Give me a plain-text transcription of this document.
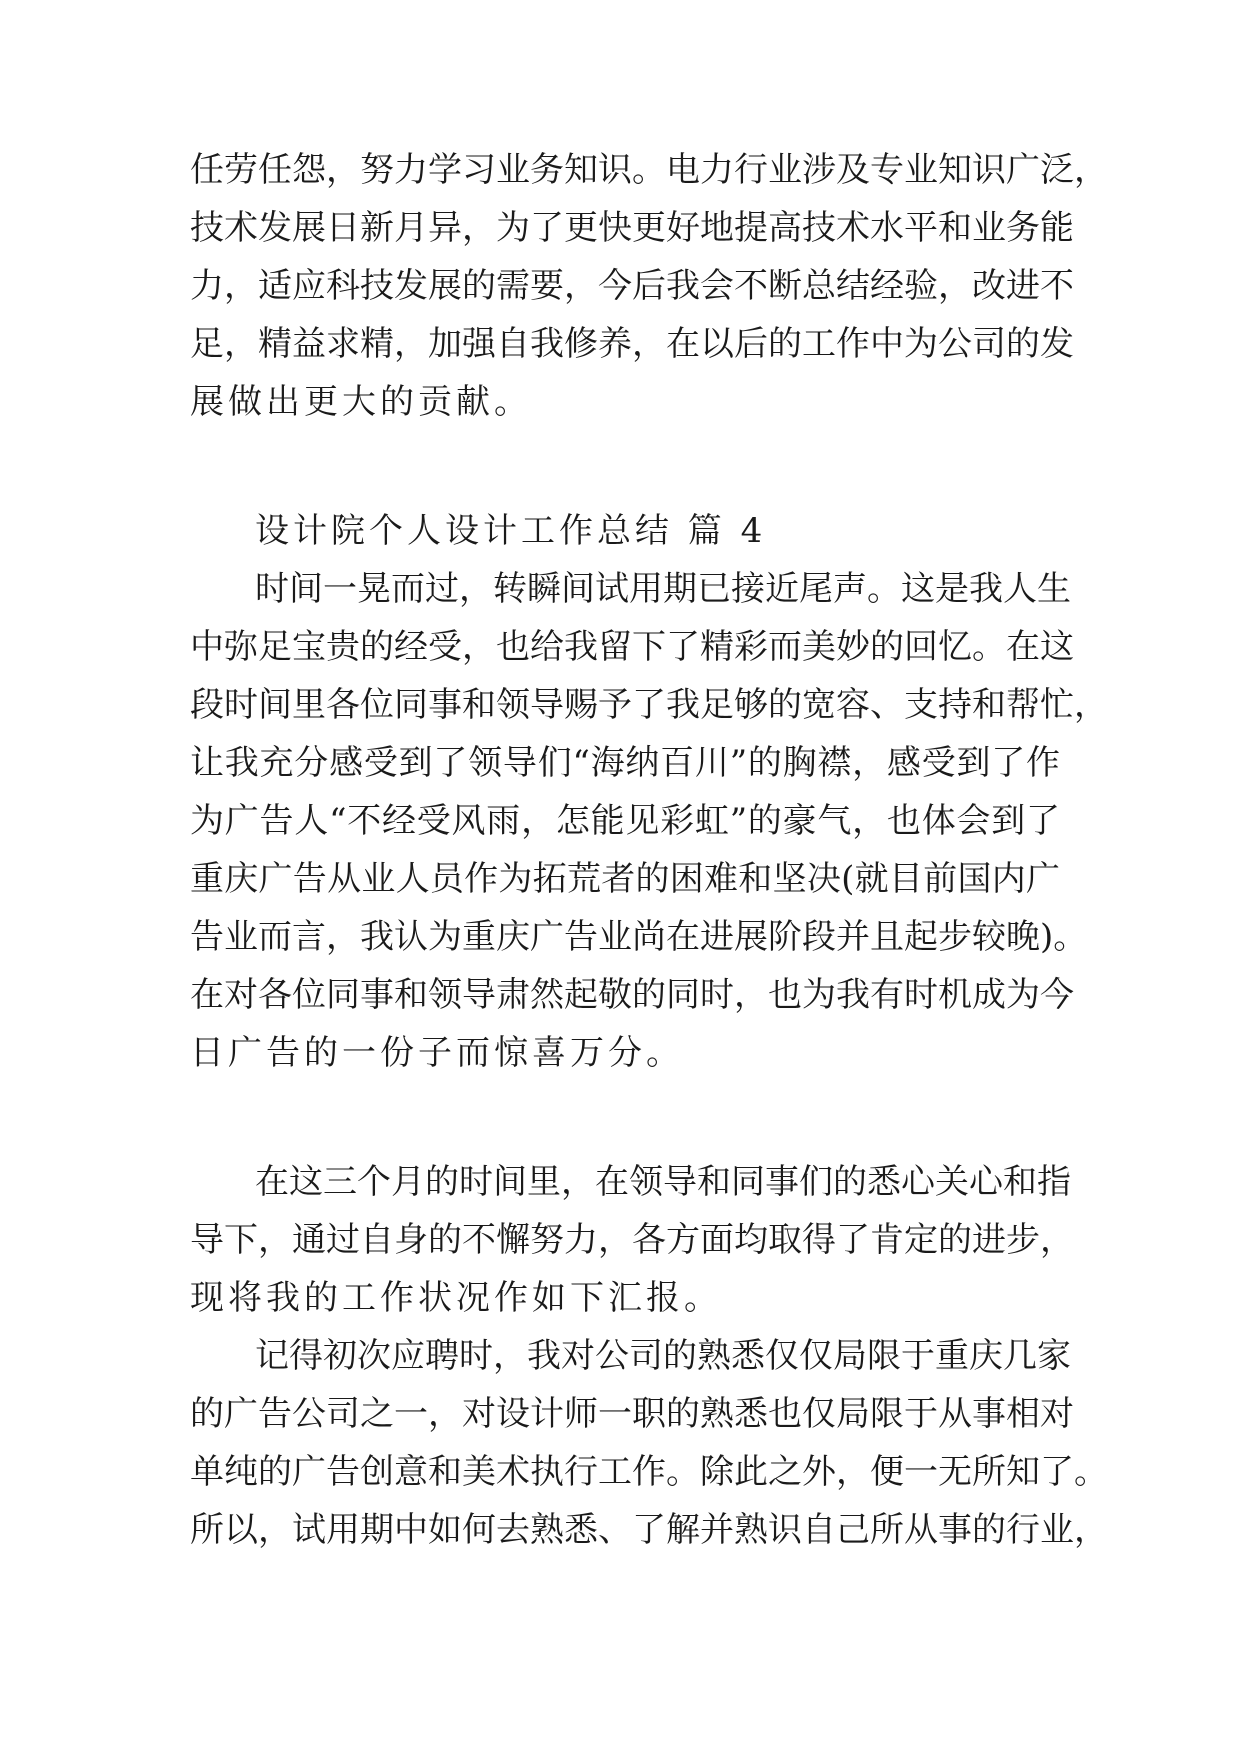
任劳任怨，努力学习业务知识。电力行业涉及专业知识广泛，
技术发展日新月异，为了更快更好地提高技术水平和业务能
力，适应科技发展的需要，今后我会不断总结经验，改进不
足，精益求精，加强自我修养，在以后的工作中为公司的发
展做出更大的贡献。
设计院个人设计工作总结 篇 4
时间一晃而过，转瞬间试用期已接近尾声。这是我人生
中弥足宝贵的经受，也给我留下了精彩而美妙的回忆。在这
段时间里各位同事和领导赐予了我足够的宽容、支持和帮忙，
让我充分感受到了领导们“海纳百川”的胸襟，感受到了作
为广告人“不经受风雨，怎能见彩虹”的豪气，也体会到了
重庆广告从业人员作为拓荒者的困难和坚决(就目前国内广
告业而言，我认为重庆广告业尚在进展阶段并且起步较晚)。
在对各位同事和领导肃然起敬的同时，也为我有时机成为今
日广告的一份子而惊喜万分。
在这三个月的时间里，在领导和同事们的悉心关心和指
导下，通过自身的不懈努力，各方面均取得了肯定的进步，
现将我的工作状况作如下汇报。
记得初次应聘时，我对公司的熟悉仅仅局限于重庆几家
的广告公司之一，对设计师一职的熟悉也仅局限于从事相对
单纯的广告创意和美术执行工作。除此之外，便一无所知了。
所以，试用期中如何去熟悉、了解并熟识自己所从事的行业，
